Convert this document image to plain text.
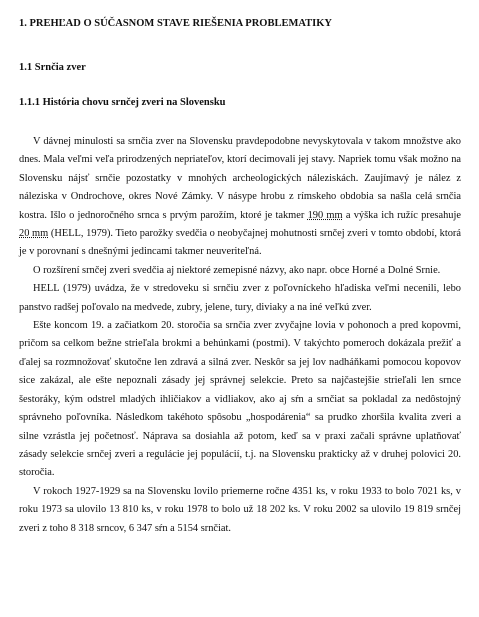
1. PREHĽAD O SÚČASNOM STAVE RIEŠENIA PROBLEMATIKY
1.1 Srnčia zver
1.1.1 História chovu srnčej zveri na Slovensku

V dávnej minulosti sa srnčia zver na Slovensku pravdepodobne nevyskytovala v takom množstve ako dnes. Mala veľmi veľa prirodzených nepriateľov, ktorí decimovali jej stavy. Napriek tomu však možno na Slovensku nájsť srnčie pozostatky v mnohých archeologických náleziskách. Zaujímavý je nález z náleziska v Ondrochove, okres Nové Zámky. V násype hrobu z rímskeho obdobia sa našla celá srnčia kostra. Išlo o jednoročného srnca s prvým parožím, ktoré je takmer 190 mm a výška ich ružíc presahuje 20 mm (HELL, 1979). Tieto parožky svedčia o neobyčajnej mohutnosti srnčej zveri v tomto období, ktorá je v porovnaní s dnešnými jedincami takmer neuveriteľná.

O rozšírení srnčej zveri svedčia aj niektoré zemepisné názvy, ako napr. obce Horné a Dolné Srnie.

HELL (1979) uvádza, že v stredoveku si srnčiu zver z poľovníckeho hľadiska veľmi necenili, lebo panstvo radšej poľovalo na medvede, zubry, jelene, tury, diviaky a na iné veľkú zver.

Ešte koncom 19. a začiatkom 20. storočia sa srnčia zver zvyčajne lovia v pohonoch a pred kopovmi, pričom sa celkom bežne strieľala brokmi a behúnkami (postmi). V takýchto pomeroch dokázala prežiť a ďalej sa rozmnožovať skutočne len zdravá a silná zver. Neskôr sa jej lov nadháňkami pomocou kopovov sice zakázal, ale ešte nepoznali zásady jej správnej selekcie. Preto sa najčastejšie strieľali len srnce šestoráky, kým odstrel mladých ihličiakov a vidliakov, ako aj sŕn a srnčiat sa pokladal za nedôstojný správneho poľovníka. Následkom takéhoto spôsobu „hospodárenia“ sa prudko zhoršila kvalita zveri a silne vzrástla jej početnosť. Náprava sa dosiahla až potom, keď sa v praxi začali správne uplatňovať zásady selekcie srnčej zveri a regulácie jej populácií, t.j. na Slovensku prakticky až v druhej polovici 20. storočia.

V rokoch 1927-1929 sa na Slovensku lovilo priemerne ročne 4351 ks, v roku 1933 to bolo 7021 ks, v roku 1973 sa ulovilo 13 810 ks, v roku 1978 to bolo už 18 202 ks. V roku 2002 sa ulovilo 19 819 srnčej zveri z toho 8 318 srncov, 6 347 sŕn a 5154 srnčiat.
